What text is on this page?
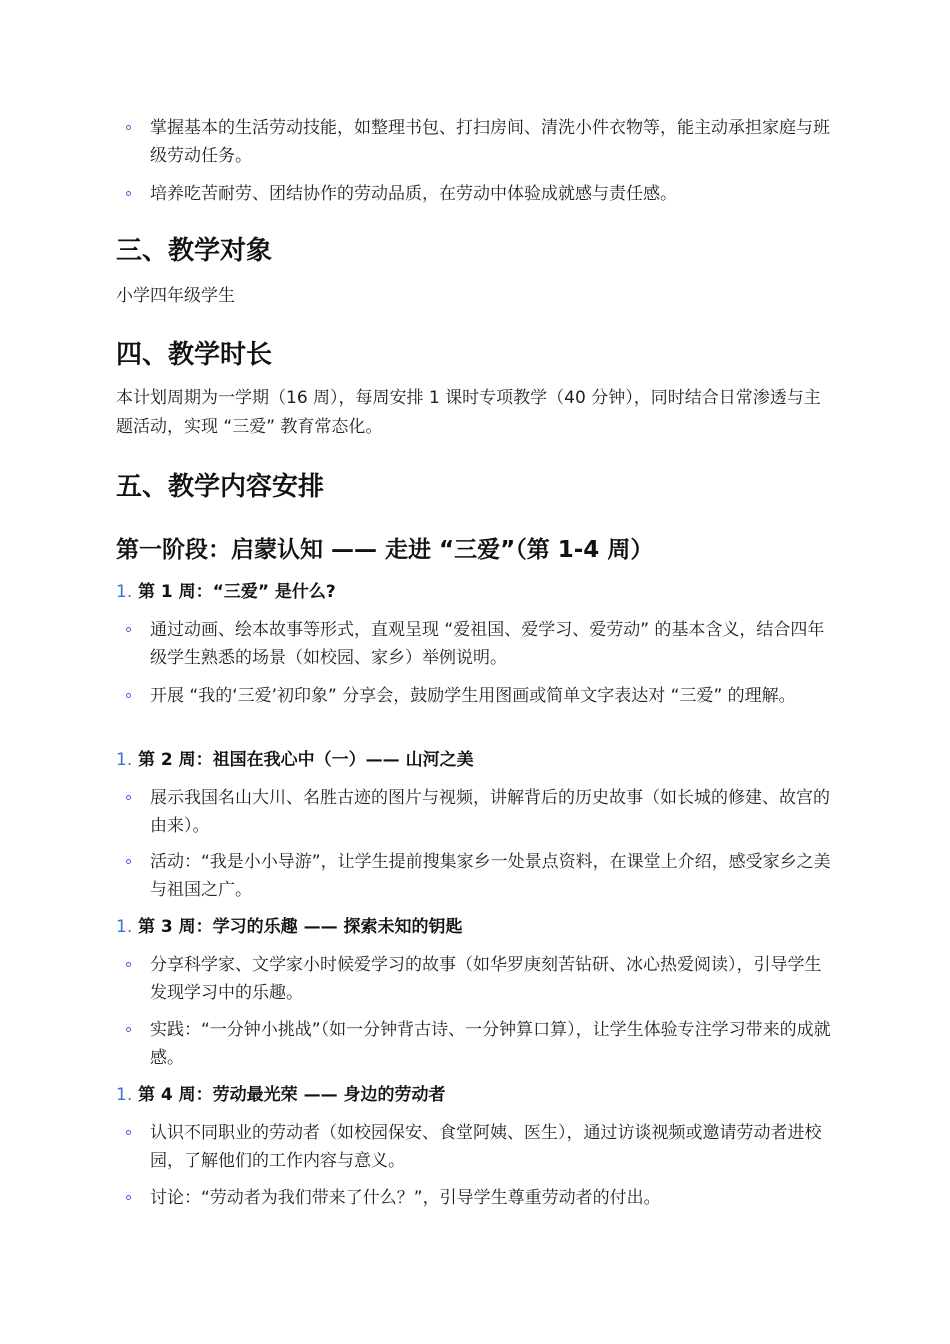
掌握基本的生活劳动技能，如整理书包、打扫房间、清洗小件衣物等，能主动承担家庭与班级劳动任务。
培养吃苦耐劳、团结协作的劳动品质，在劳动中体验成就感与责任感。
三、教学对象

小学四年级学生

四、教学时长

本计划周期为一学期（16 周），每周安排 1 课时专项教学（40 分钟），同时结合日常渗透与主题活动，实现 “三爱” 教育常态化。

五、教学内容安排
第一阶段：启蒙认知 —— 走进 “三爱”（第 1-4 周）
1. 第 1 周：“三爱” 是什么?
通过动画、绘本故事等形式，直观呈现 “爱祖国、爱学习、爱劳动” 的基本含义，结合四年级学生熟悉的场景（如校园、家乡）举例说明。
开展 “我的‘三爱’初印象” 分享会，鼓励学生用图画或简单文字表达对 “三爱” 的理解。
1. 第 2 周：祖国在我心中（一）—— 山河之美
展示我国名山大川、名胜古迹的图片与视频，讲解背后的历史故事（如长城的修建、故宫的由来）。
活动：“我是小小导游”，让学生提前搜集家乡一处景点资料，在课堂上介绍，感受家乡之美与祖国之广。
1. 第 3 周：学习的乐趣 —— 探索未知的钥匙
分享科学家、文学家小时候爱学习的故事（如华罗庚刻苦钻研、冰心热爱阅读），引导学生发现学习中的乐趣。
实践：“一分钟小挑战”（如一分钟背古诗、一分钟算口算），让学生体验专注学习带来的成就感。
1. 第 4 周：劳动最光荣 —— 身边的劳动者
认识不同职业的劳动者（如校园保安、食堂阿姨、医生），通过访谈视频或邀请劳动者进校园，了解他们的工作内容与意义。
讨论：“劳动者为我们带来了什么？”，引导学生尊重劳动者的付出。
